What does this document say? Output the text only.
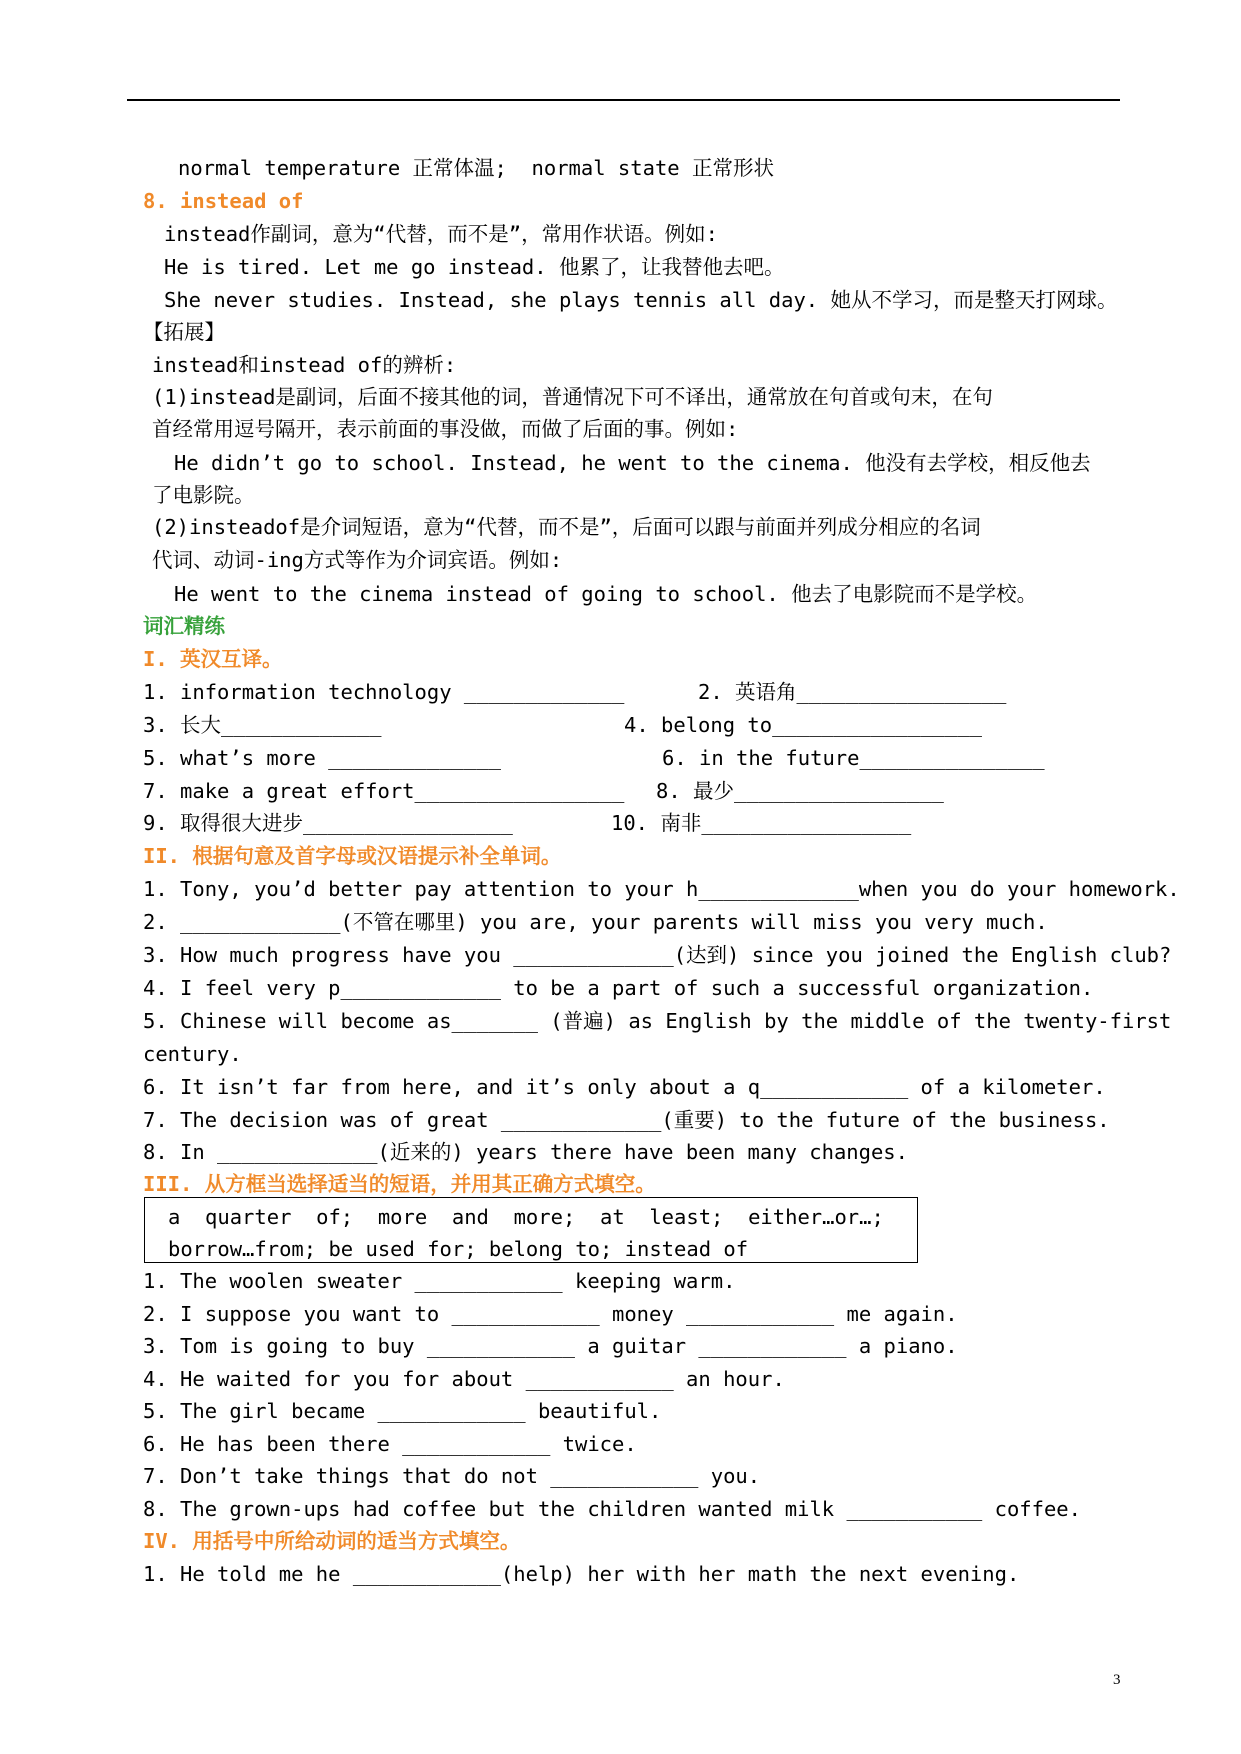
normal temperature 正常体温;  normal state 正常形状
8. instead of
instead作副词，意为“代替，而不是”，常用作状语。例如:
He is tired. Let me go instead. 他累了，让我替他去吧。
She never studies. Instead, she plays tennis all day. 她从不学习，而是整天打网球。
【拓展】
instead和instead of的辨析:
(1)instead是副词，后面不接其他的词，普通情况下可不译出，通常放在句首或句末，在句
首经常用逗号隔开，表示前面的事没做，而做了后面的事。例如:
He didn’t go to school. Instead, he went to the cinema. 他没有去学校，相反他去
了电影院。
(2)insteadof是介词短语，意为“代替，而不是”，后面可以跟与前面并列成分相应的名词
代词、动词-ing方式等作为介词宾语。例如:
He went to the cinema instead of going to school. 他去了电影院而不是学校。
词汇精练
I. 英汉互译。
1. information technology _____________	2. 英语角_________________
3. 长大_____________	4. belong to_________________
5. what’s more ______________	6. in the future_______________
7. make a great effort_________________ 8. 最少_________________
9. 取得很大进步_________________	10. 南非_________________
II. 根据句意及首字母或汉语提示补全单词。
1. Tony, you’d better pay attention to your h_____________when you do your homework.
2. _____________(不管在哪里) you are, your parents will miss you very much.
3. How much progress have you _____________(达到) since you joined the English club?
4. I feel very p_____________ to be a part of such a successful organization.
5. Chinese will become as_______ (普遍) as English by the middle of the twenty-first
century.
6. It isn’t far from here, and it’s only about a q____________ of a kilometer.
7. The decision was of great _____________(重要) to the future of the business.
8. In _____________(近来的) years there have been many changes.
III. 从方框当选择适当的短语，并用其正确方式填空。
a  quarter  of;  more  and  more;  at  least;  either…or…;
borrow…from; be used for; belong to; instead of
1. The woolen sweater ____________ keeping warm.
2. I suppose you want to ____________ money ____________ me again.
3. Tom is going to buy ____________ a guitar ____________ a piano.
4. He waited for you for about ____________ an hour.
5. The girl became ____________ beautiful.
6. He has been there ____________ twice.
7. Don’t take things that do not ____________ you.
8. The grown-ups had coffee but the children wanted milk ___________ coffee.
IV. 用括号中所给动词的适当方式填空。
1. He told me he ____________(help) her with her math the next evening.
3
